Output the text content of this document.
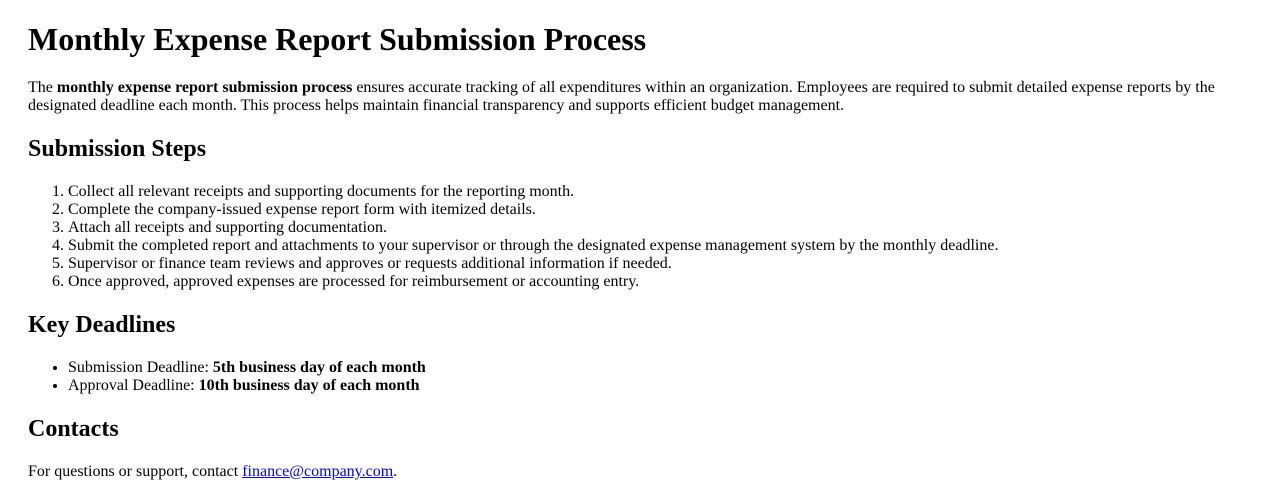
Monthly Expense Report Submission Process

The monthly expense report submission process ensures accurate tracking of all expenditures within an organization. Employees are required to submit detailed expense reports by the designated deadline each month. This process helps maintain financial transparency and supports efficient budget management.

Submission Steps
1. Collect all relevant receipts and supporting documents for the reporting month.
2. Complete the company-issued expense report form with itemized details.
3. Attach all receipts and supporting documentation.
4. Submit the completed report and attachments to your supervisor or through the designated expense management system by the monthly deadline.
5. Supervisor or finance team reviews and approves or requests additional information if needed.
6. Once approved, approved expenses are processed for reimbursement or accounting entry.
Key Deadlines
• Submission Deadline: 5th business day of each month
• Approval Deadline: 10th business day of each month
Contacts

For questions or support, contact finance@company.com.
